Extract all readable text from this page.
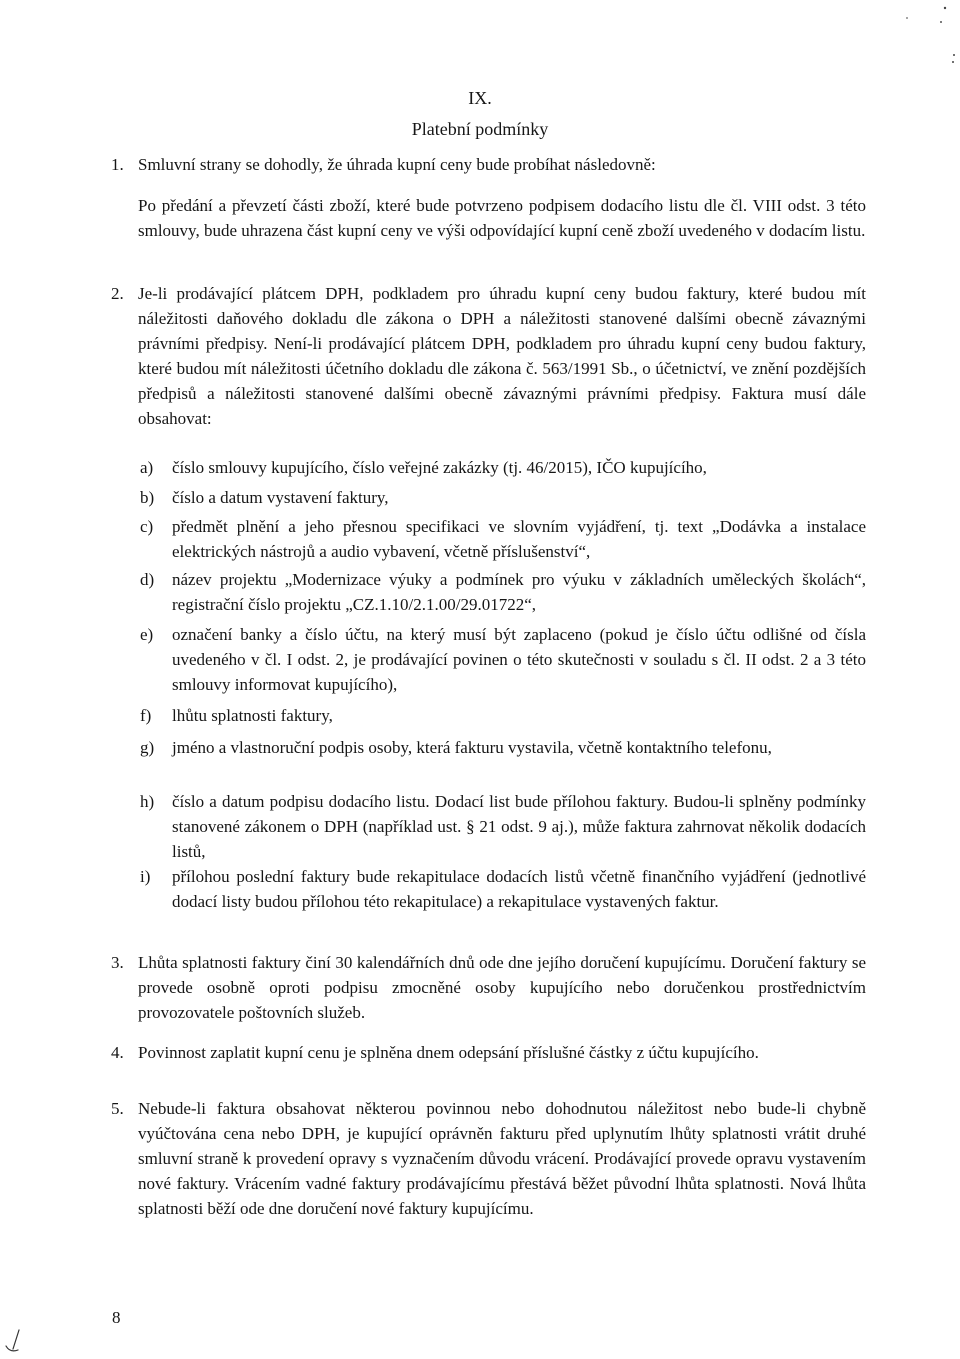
IX.
Platební podmínky
1. Smluvní strany se dohodly, že úhrada kupní ceny bude probíhat následovně:
Po předání a převzetí části zboží, které bude potvrzeno podpisem dodacího listu dle čl. VIII odst. 3 této smlouvy, bude uhrazena část kupní ceny ve výši odpovídající kupní ceně zboží uvedeného v dodacím listu.
2. Je-li prodávající plátcem DPH, podkladem pro úhradu kupní ceny budou faktury, které budou mít náležitosti daňového dokladu dle zákona o DPH a náležitosti stanovené dalšími obecně závaznými právními předpisy. Není-li prodávající plátcem DPH, podkladem pro úhradu kupní ceny budou faktury, které budou mít náležitosti účetního dokladu dle zákona č. 563/1991 Sb., o účetnictví, ve znění pozdějších předpisů a náležitosti stanovené dalšími obecně závaznými právními předpisy. Faktura musí dále obsahovat:
a) číslo smlouvy kupujícího, číslo veřejné zakázky (tj. 46/2015), IČO kupujícího,
b) číslo a datum vystavení faktury,
c) předmět plnění a jeho přesnou specifikaci ve slovním vyjádření, tj. text „Dodávka a instalace elektrických nástrojů a audio vybavení, včetně příslušenství“,
d) název projektu „Modernizace výuky a podmínek pro výuku v základních uměleckých školách“, registrační číslo projektu „CZ.1.10/2.1.00/29.01722“,
e) označení banky a číslo účtu, na který musí být zaplaceno (pokud je číslo účtu odlišné od čísla uvedeného v čl. I odst. 2, je prodávající povinen o této skutečnosti v souladu s čl. II odst. 2 a 3 této smlouvy informovat kupujícího),
f) lhůtu splatnosti faktury,
g) jméno a vlastnoruční podpis osoby, která fakturu vystavila, včetně kontaktního telefonu,
h) číslo a datum podpisu dodacího listu. Dodací list bude přílohou faktury. Budou-li splněny podmínky stanovené zákonem o DPH (například ust. § 21 odst. 9 aj.), může faktura zahrnovat několik dodacích listů,
i) přílohou poslední faktury bude rekapitulace dodacích listů včetně finančního vyjádření (jednotlivé dodací listy budou přílohou této rekapitulace) a rekapitulace vystavených faktur.
3. Lhůta splatnosti faktury činí 30 kalendářních dnů ode dne jejího doručení kupujícímu. Doručení faktury se provede osobně oproti podpisu zmocněné osoby kupujícího nebo doručenkou prostřednictvím provozovatele poštovních služeb.
4. Povinnost zaplatit kupní cenu je splněna dnem odepsání příslušné částky z účtu kupujícího.
5. Nebude-li faktura obsahovat některou povinnou nebo dohodnutou náležitost nebo bude-li chybně vyúčtována cena nebo DPH, je kupující oprávněn fakturu před uplynutím lhůty splatnosti vrátit druhé smluvní straně k provedení opravy s vyznačením důvodu vrácení. Prodávající provede opravu vystavením nové faktury. Vrácením vadné faktury prodávajícímu přestává běžet původní lhůta splatnosti. Nová lhůta splatnosti běží ode dne doručení nové faktury kupujícímu.
8
